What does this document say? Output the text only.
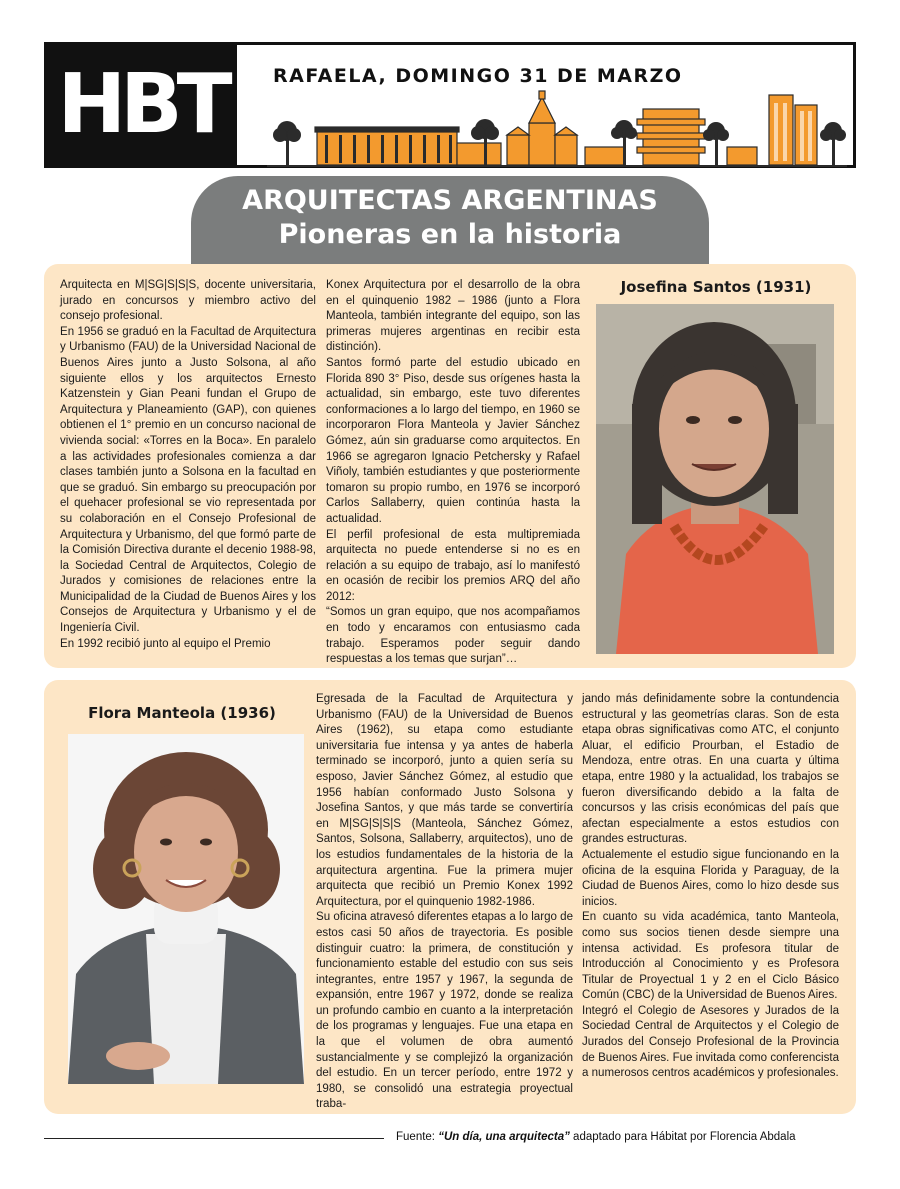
HBT RAFAELA, DOMINGO 31 DE MARZO
ARQUITECTAS ARGENTINAS
Pioneras en la historia

Arquitecta en M|SG|S|S|S, docente universitaria, jurado en concursos y miembro activo del consejo profesional.

En 1956 se graduó en la Facultad de Arquitectura y Urbanismo (FAU) de la Universidad Nacional de Buenos Aires junto a Justo Solsona, al año siguiente ellos y los arquitectos Ernesto Katzenstein y Gian Peani fundan el Grupo de Arquitectura y Planeamiento (GAP), con quienes obtienen el 1° premio en un concurso nacional de vivienda social: «Torres en la Boca». En paralelo a las actividades profesionales comienza a dar clases también junto a Solsona en la facultad en que se graduó. Sin embargo su preocupación por el quehacer profesional se vio representada por su colaboración en el Consejo Profesional de Arquitectura y Urbanismo, del que formó parte de la Comisión Directiva durante el decenio 1988-98, la Sociedad Central de Arquitectos, Colegio de Jurados y comisiones de relaciones entre la Municipalidad de la Ciudad de Buenos Aires y los Consejos de Arquitectura y Urbanismo y el de Ingeniería Civil.

En 1992 recibió junto al equipo el Premio

Konex Arquitectura por el desarrollo de la obra en el quinquenio 1982 – 1986 (junto a Flora Manteola, también integrante del equipo, son las primeras mujeres argentinas en recibir esta distinción).

Santos formó parte del estudio ubicado en Florida 890 3° Piso, desde sus orígenes hasta la actualidad, sin embargo, este tuvo diferentes conformaciones a lo largo del tiempo, en 1960 se incorporaron Flora Manteola y Javier Sánchez Gómez, aún sin graduarse como arquitectos. En 1966 se agregaron Ignacio Petchersky y Rafael Viñoly, también estudiantes y que posteriormente tomaron su propio rumbo, en 1976 se incorporó Carlos Sallaberry, quien continúa hasta la actualidad.

El perfil profesional de esta multipremiada arquitecta no puede entenderse si no es en relación a su equipo de trabajo, así lo manifestó en ocasión de recibir los premios ARQ del año 2012:

“Somos un gran equipo, que nos acompañamos en todo y encaramos con entusiasmo cada trabajo. Esperamos poder seguir dando respuestas a los temas que surjan”…

Josefina Santos (1931)
Flora Manteola (1936)

Egresada de la Facultad de Arquitectura y Urbanismo (FAU) de la Universidad de Buenos Aires (1962), su etapa como estudiante universitaria fue intensa y ya antes de haberla terminado se incorporó, junto a quien sería su esposo, Javier Sánchez Gómez, al estudio que 1956 habían conformado Justo Solsona y Josefina Santos, y que más tarde se convertiría en M|SG|S|S|S (Manteola, Sánchez Gómez, Santos, Solsona, Sallaberry, arquitectos), uno de los estudios fundamentales de la historia de la arquitectura argentina. Fue la primera mujer arquitecta que recibió un Premio Konex 1992 Arquitectura, por el quinquenio 1982-1986.

Su oficina atravesó diferentes etapas a lo largo de estos casi 50 años de trayectoria. Es posible distinguir cuatro: la primera, de constitución y funcionamiento estable del estudio con sus seis integrantes, entre 1957 y 1967, la segunda de expansión, entre 1967 y 1972, donde se realiza un profundo cambio en cuanto a la interpretación de los programas y lenguajes. Fue una etapa en la que el volumen de obra aumentó sustancialmente y se complejizó la organización del estudio. En un tercer período, entre 1972 y 1980, se consolidó una estrategia proyectual traba-

jando más definidamente sobre la contundencia estructural y las geometrías claras. Son de esta etapa obras significativas como ATC, el conjunto Aluar, el edificio Prourban, el Estadio de Mendoza, entre otras. En una cuarta y última etapa, entre 1980 y la actualidad, los trabajos se fueron diversificando debido a la falta de concursos y las crisis económicas del país que afectan especialmente a estos estudios con grandes estructuras.

Actualemente el estudio sigue funcionando en la oficina de la esquina Florida y Paraguay, de la Ciudad de Buenos Aires, como lo hizo desde sus inicios.

En cuanto su vida académica, tanto Manteola, como sus socios tienen desde siempre una intensa actividad. Es profesora titular de Introducción al Conocimiento y es Profesora Titular de Proyectual 1 y 2 en el Ciclo Básico Común (CBC) de la Universidad de Buenos Aires.

Integró el Colegio de Asesores y Jurados de la Sociedad Central de Arquitectos y el Colegio de Jurados del Consejo Profesional de la Provincia de Buenos Aires. Fue invitada como conferencista a numerosos centros académicos y profesionales.

Fuente: “Un día, una arquitecta” adaptado para Hábitat por Florencia Abdala
